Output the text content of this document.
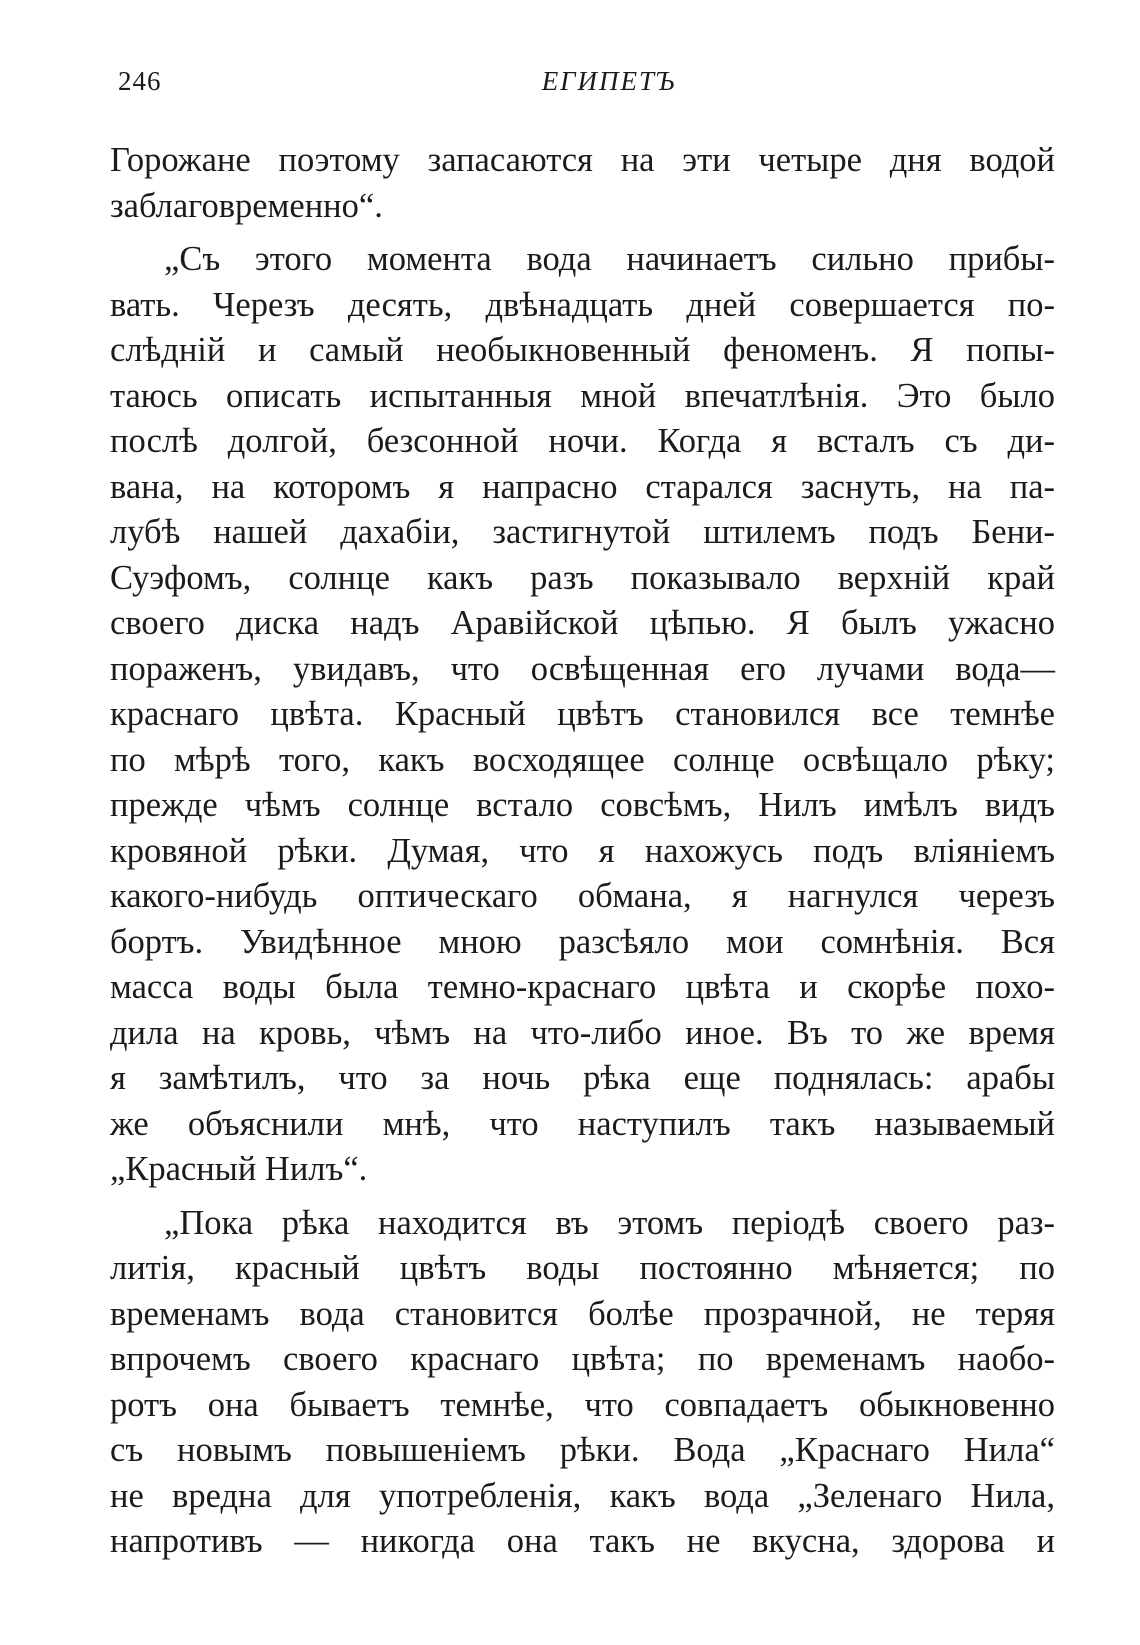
246	ЕГИПЕТЪ
Горожане поэтому запасаются на эти четыре дня водой
заблаговременно“.
„Съ этого момента вода начинаетъ сильно прибы-
вать. Черезъ десять, двѣнадцать дней совершается по-
слѣднiй и самый необыкновенный феноменъ. Я попы-
таюсь описать испытанныя мной впечатлѣнiя. Это было
послѣ долгой, безсонной ночи. Когда я всталъ съ ди-
вана, на которомъ я напрасно старался заснуть, на па-
лубѣ нашей дахабiи, застигнутой штилемъ подъ Бени-
Суэфомъ, солнце какъ разъ показывало верхнiй край
своего диска надъ Аравiйской цѣпью. Я былъ ужасно
пораженъ, увидавъ, что освѣщенная его лучами вода—
краснаго цвѣта. Красный цвѣтъ становился все темнѣе
по мѣрѣ того, какъ восходящее солнце освѣщало рѣку;
прежде чѣмъ солнце встало совсѣмъ, Нилъ имѣлъ видъ
кровяной рѣки. Думая, что я нахожусь подъ влiянiемъ
какого-нибудь оптическаго обмана, я нагнулся черезъ
бортъ. Увидѣнное мною разсѣяло мои сомнѣнiя. Вся
масса воды была темно-краснаго цвѣта и скорѣе похо-
дила на кровь, чѣмъ на что-либо иное. Въ то же время
я замѣтилъ, что за ночь рѣка еще поднялась: арабы
же объяснили мнѣ, что наступилъ такъ называемый
„Красный Нилъ“.
„Пока рѣка находится въ этомъ перiодѣ своего раз-
литiя, красный цвѣтъ воды постоянно мѣняется; по
временамъ вода становится болѣе прозрачной, не теряя
впрочемъ своего краснаго цвѣта; по временамъ наобо-
ротъ она бываетъ темнѣе, что совпадаетъ обыкновенно
съ новымъ повышенiемъ рѣки. Вода „Краснаго Нила“
не вредна для употребленiя, какъ вода „Зеленаго Нила,
напротивъ — никогда она такъ не вкусна, здорова и
